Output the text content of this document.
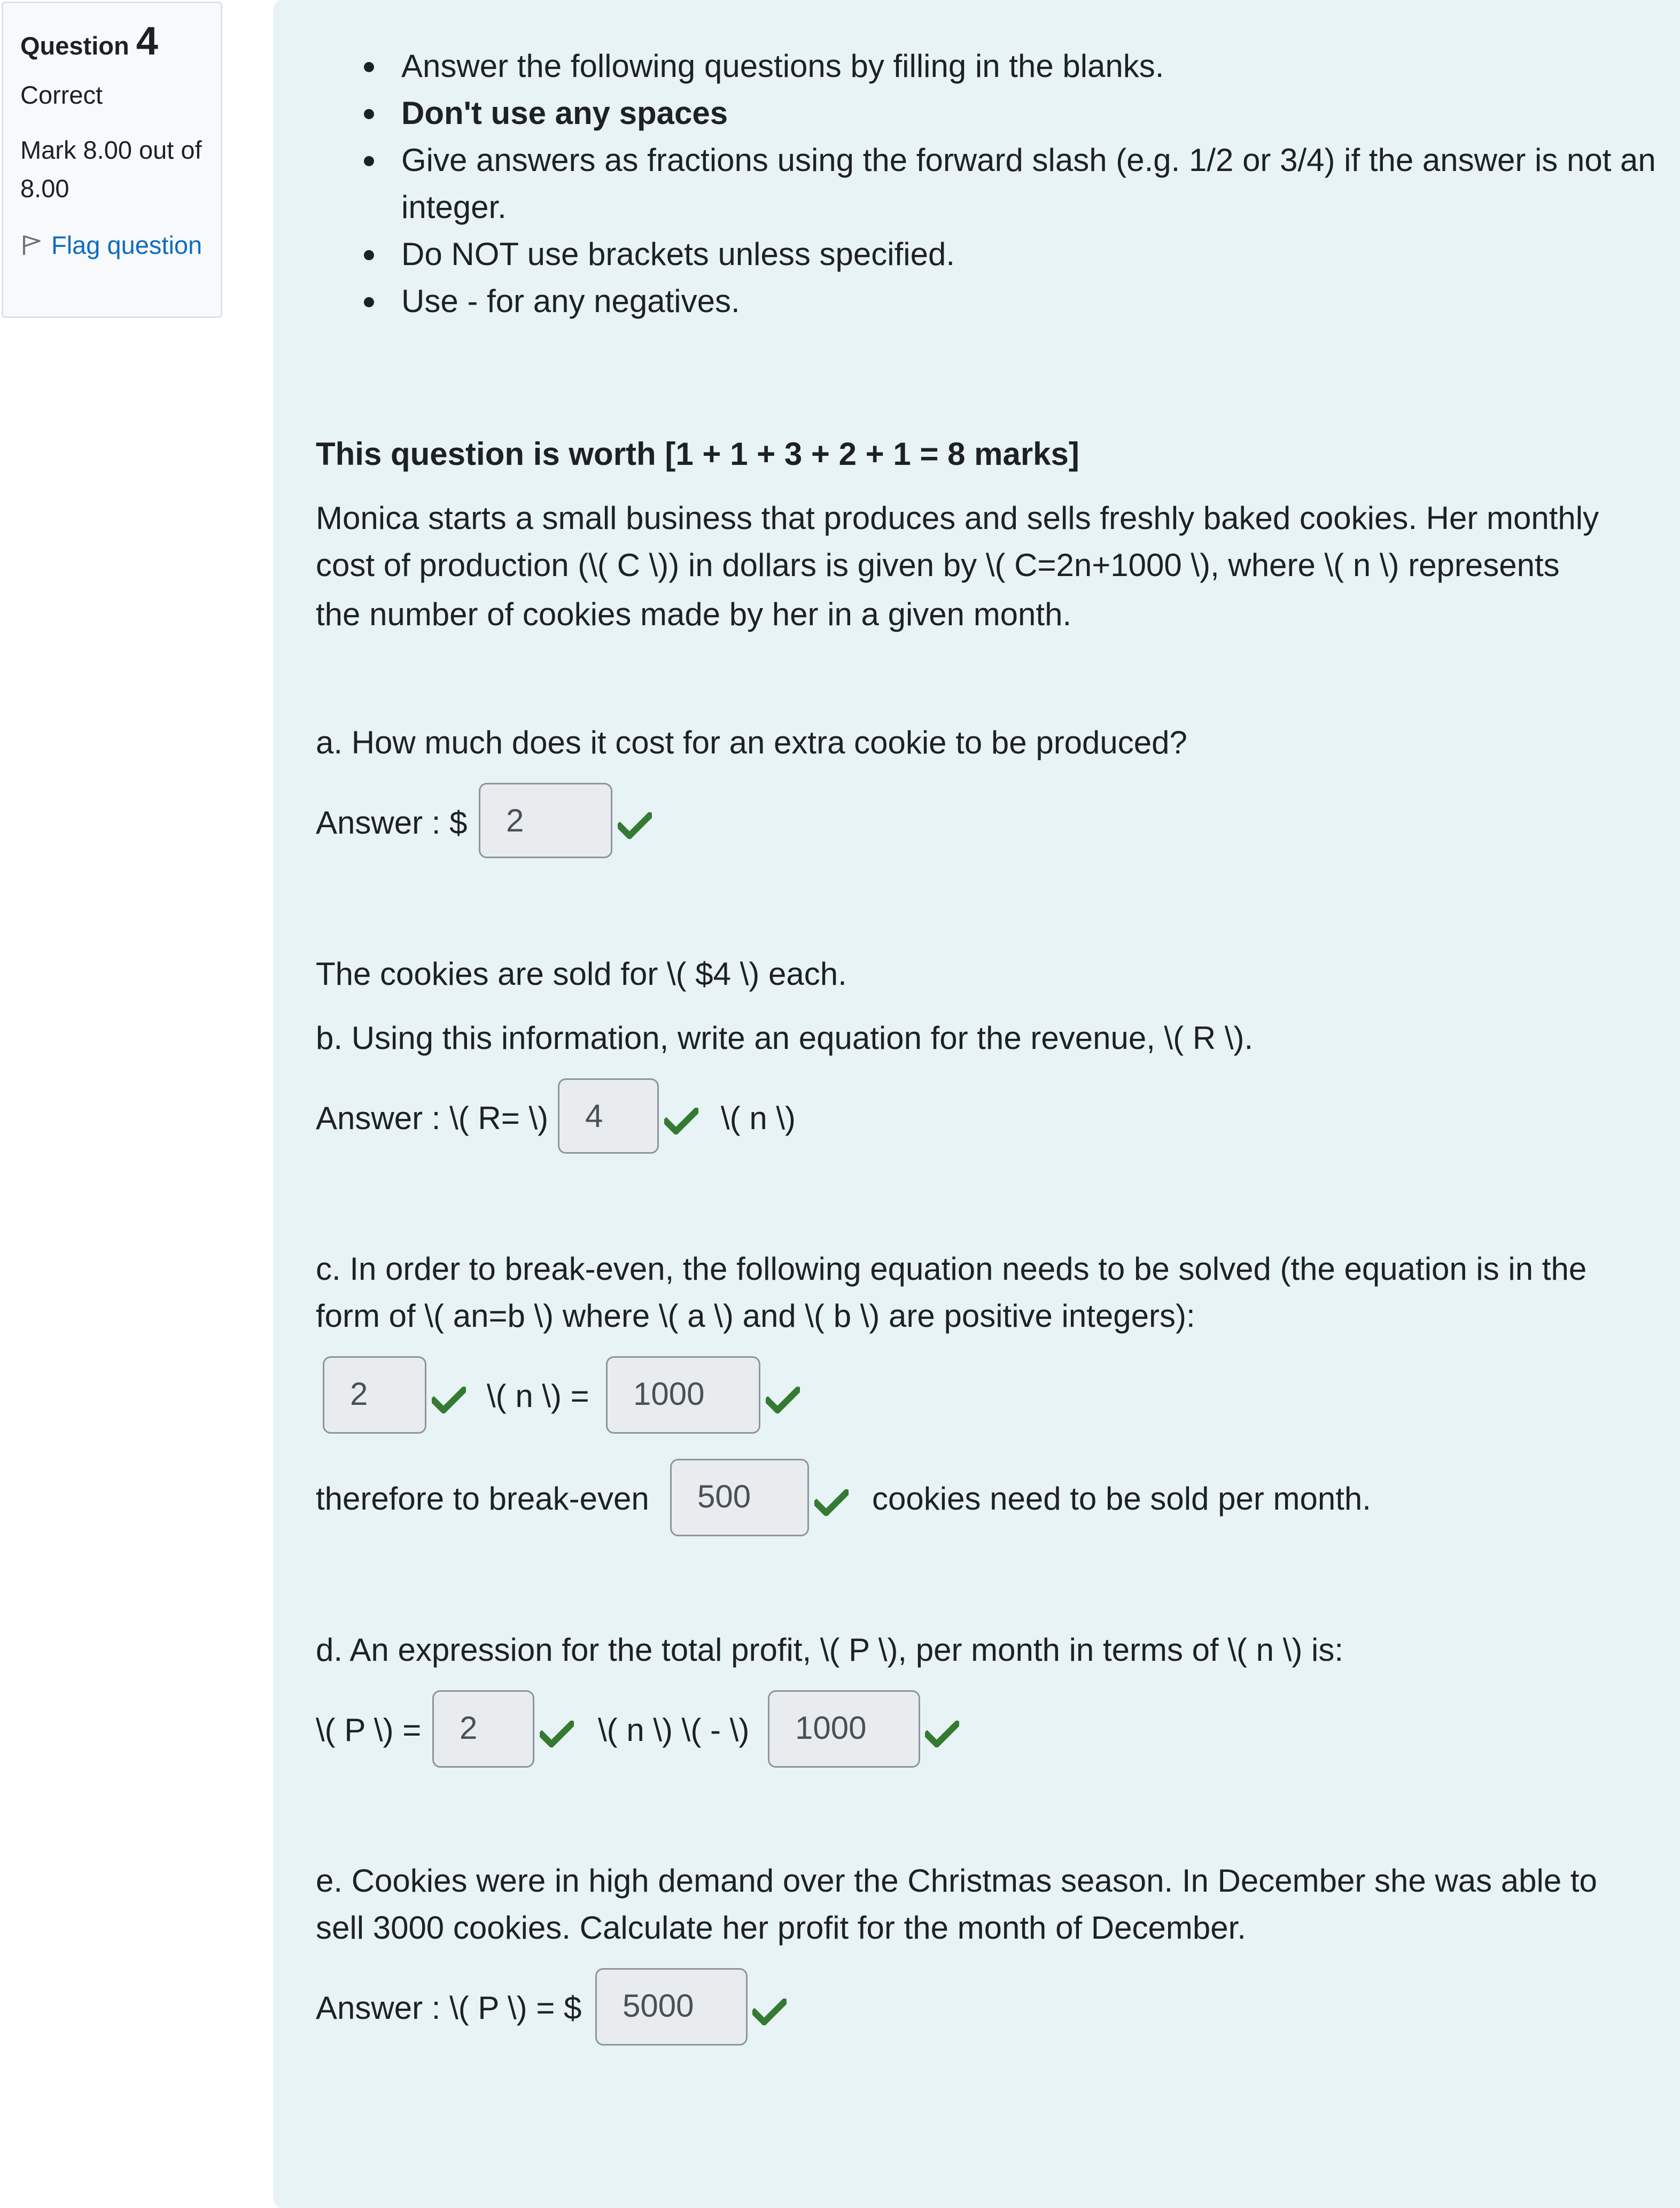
Question 4
Correct
Mark 8.00 out of 8.00
Flag question
Answer the following questions by filling in the blanks.
Don't use any spaces
Give answers as fractions using the forward slash (e.g. 1/2 or 3/4) if the answer is not an integer.
Do NOT use brackets unless specified.
Use - for any negatives.
This question is worth [1 + 1 + 3 + 2 + 1 = 8 marks]
Monica starts a small business that produces and sells freshly baked cookies. Her monthly
cost of production (\( C \)) in dollars is given by \( C=2n+1000 \), where \( n \) represents
the number of cookies made by her in a given month.
a. How much does it cost for an extra cookie to be produced?
Answer : $	2
The cookies are sold for \( $4 \) each.
b. Using this information, write an equation for the revenue, \( R \).
Answer : \( R= \)	4	\( n \)
c. In order to break-even, the following equation needs to be solved (the equation is in the
form of \( an=b \) where \( a \) and \( b \) are positive integers):
2	\( n \) =	1000
therefore to break-even	500	cookies need to be sold per month.
d. An expression for the total profit, \( P \), per month in terms of \( n \) is:
\( P \) =	2	\( n \) \( - \)	1000
e. Cookies were in high demand over the Christmas season. In December she was able to
sell 3000 cookies. Calculate her profit for the month of December.
Answer : \( P \) = $	5000
